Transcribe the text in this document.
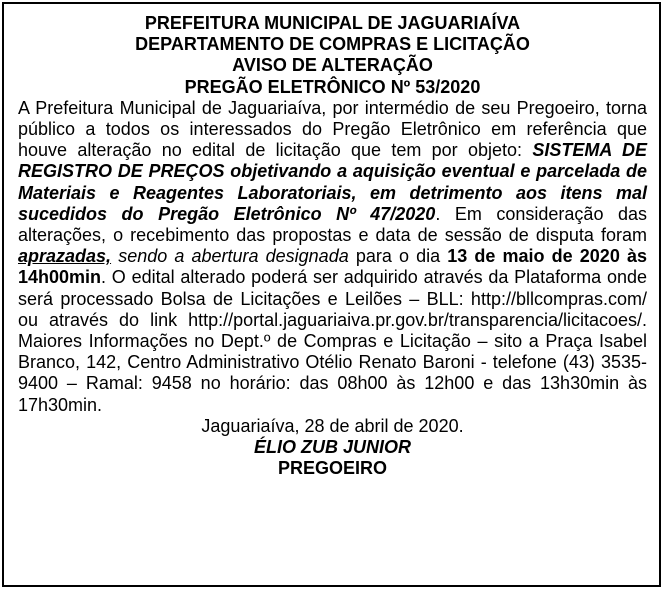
PREFEITURA MUNICIPAL DE JAGUARIAÍVA
DEPARTAMENTO DE COMPRAS E LICITAÇÃO
AVISO DE ALTERAÇÃO
PREGÃO ELETRÔNICO Nº 53/2020
A Prefeitura Municipal de Jaguariaíva, por intermédio de seu Pregoeiro, torna público a todos os interessados do Pregão Eletrônico em referência que houve alteração no edital de licitação que tem por objeto: SISTEMA DE REGISTRO DE PREÇOS objetivando a aquisição eventual e parcelada de Materiais e Reagentes Laboratoriais, em detrimento aos itens mal sucedidos do Pregão Eletrônico Nº 47/2020. Em consideração das alterações, o recebimento das propostas e data de sessão de disputa foram aprazadas, sendo a abertura designada para o dia 13 de maio de 2020 às 14h00min. O edital alterado poderá ser adquirido através da Plataforma onde será processado Bolsa de Licitações e Leilões – BLL: http://bllcompras.com/ ou através do link http://portal.jaguariaiva.pr.gov.br/transparencia/licitacoes/. Maiores Informações no Dept.º de Compras e Licitação – sito a Praça Isabel Branco, 142, Centro Administrativo Otélio Renato Baroni - telefone (43) 3535-9400 – Ramal: 9458 no horário: das 08h00 às 12h00 e das 13h30min às 17h30min.
Jaguariaíva, 28 de abril de 2020.
ÉLIO ZUB JUNIOR
PREGOEIRO
